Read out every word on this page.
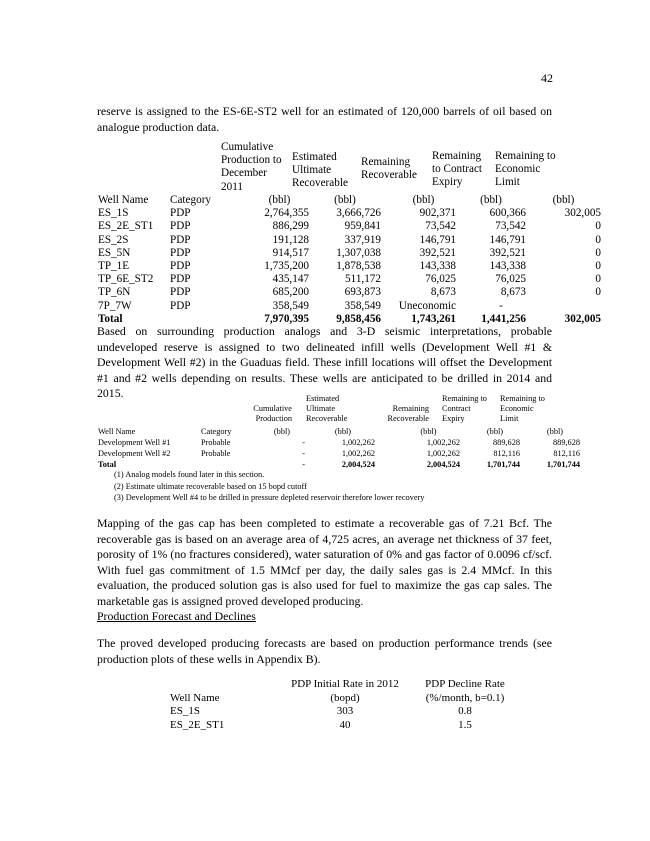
42

reserve is assigned to the ES-6E-ST2 well for an estimated of 120,000 barrels of oil based on analogue production data.

Cumulative Production to December 2011
Estimated Ultimate Recoverable
Remaining Recoverable
Remaining to Contract Expiry
Remaining to Economic Limit
Well Name	Category	(bbl)	(bbl)	(bbl)	(bbl)	(bbl)
ES_1S	PDP	2,764,355	3,666,726	902,371	600,366	302,005
ES_2E_ST1	PDP	886,299	959,841	73,542	73,542	0
ES_2S	PDP	191,128	337,919	146,791	146,791	0
ES_5N	PDP	914,517	1,307,038	392,521	392,521	0
TP_1E	PDP	1,735,200	1,878,538	143,338	143,338	0
TP_6E_ST2	PDP	435,147	511,172	76,025	76,025	0
TP_6N	PDP	685,200	693,873	8,673	8,673	0
7P_7W	PDP	358,549	358,549	Uneconomic	-	
Total		7,970,395	9,858,456	1,743,261	1,441,256	302,005

Based on surrounding production analogs and 3-D seismic interpretations, probable undeveloped reserve is assigned to two delineated infill wells (Development Well #1 & Development Well #2) in the Guaduas field. These infill locations will offset the Development #1 and #2 wells depending on results. These wells are anticipated to be drilled in 2014 and 2015.

Cumulative Production
Estimated Ultimate Recoverable
Remaining Recoverable
Remaining to Contract Expiry
Remaining to Economic Limit
Well Name	Category	(bbl)	(bbl)	(bbl)	(bbl)	(bbl)
Development Well #1	Probable	-	1,002,262	1,002,262	889,628	889,628
Development Well #2	Probable	-	1,002,262	1,002,262	812,116	812,116
Total		-	2,004,524	2,004,524	1,701,744	1,701,744
(1) Analog models found later in this section.
(2) Estimate ultimate recoverable based on 15 bopd cutoff
(3) Development Well #4 to be drilled in pressure depleted reservoir therefore lower recovery

Mapping of the gas cap has been completed to estimate a recoverable gas of 7.21 Bcf. The recoverable gas is based on an average area of 4,725 acres, an average net thickness of 37 feet, porosity of 1% (no fractures considered), water saturation of 0% and gas factor of 0.0096 cf/scf. With fuel gas commitment of 1.5 MMcf per day, the daily sales gas is 2.4 MMcf. In this evaluation, the produced solution gas is also used for fuel to maximize the gas cap sales. The marketable gas is assigned proved developed producing.

Production Forecast and Declines

The proved developed producing forecasts are based on production performance trends (see production plots of these wells in Appendix B).

	PDP Initial Rate in 2012	PDP Decline Rate
Well Name	(bopd)	(%/month, b=0.1)
ES_1S	303	0.8
ES_2E_ST1	40	1.5
